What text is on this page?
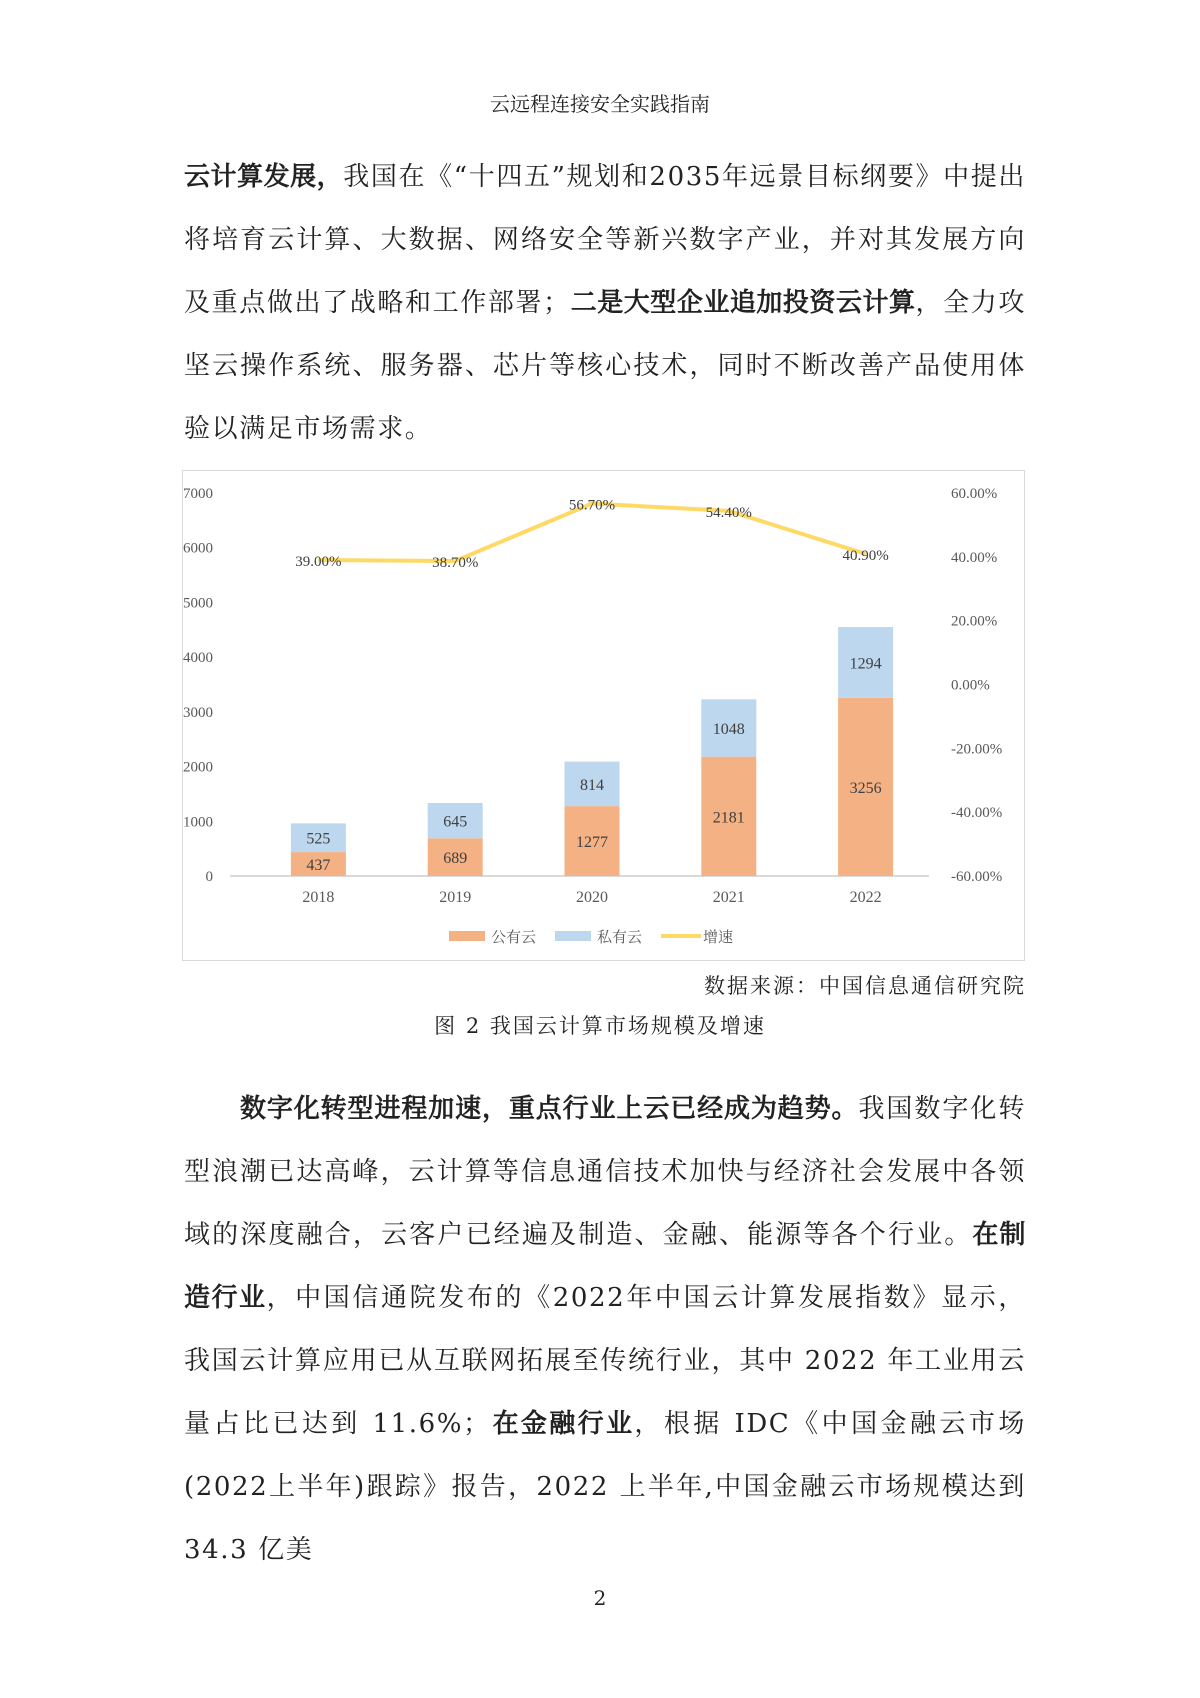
云远程连接安全实践指南
云计算发展，我国在《“十四五”规划和2035年远景目标纲要》中提出将培育云计算、大数据、网络安全等新兴数字产业，并对其发展方向及重点做出了战略和工作部署；二是大型企业追加投资云计算，全力攻坚云操作系统、服务器、芯片等核心技术，同时不断改善产品使用体验以满足市场需求。
0
1000
2000
3000
4000
5000
6000
7000
-60.00%
-40.00%
-20.00%
0.00%
20.00%
40.00%
60.00%
437
525
2018
689
645
2019
1277
814
2020
2181
1048
2021
3256
1294
2022
39.00%	38.70%
56.70%	54.40%
40.90%
公有云	私有云	增速
数据来源：中国信息通信研究院
图 2 我国云计算市场规模及增速
数字化转型进程加速，重点行业上云已经成为趋势。我国数字化转型浪潮已达高峰，云计算等信息通信技术加快与经济社会发展中各领域的深度融合，云客户已经遍及制造、金融、能源等各个行业。在制造行业，中国信通院发布的《2022年中国云计算发展指数》显示，我国云计算应用已从互联网拓展至传统行业，其中 2022 年工业用云量占比已达到 11.6%；在金融行业，根据 IDC《中国金融云市场(2022上半年)跟踪》报告，2022 上半年,中国金融云市场规模达到 34.3 亿美
2
